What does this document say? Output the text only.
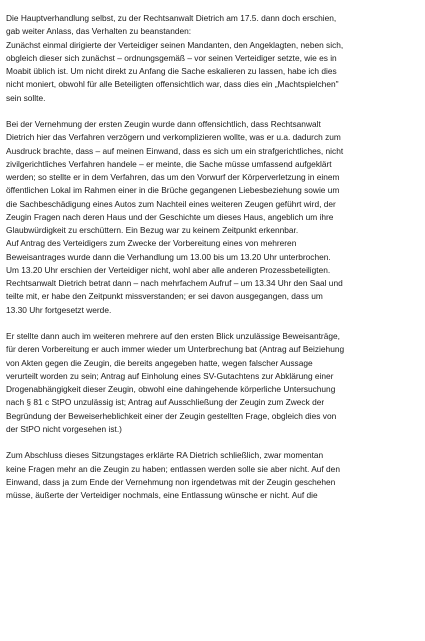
Die Hauptverhandlung selbst, zu der Rechtsanwalt Dietrich am 17.5. dann doch erschien,
gab weiter Anlass, das Verhalten zu beanstanden:
Zunächst einmal dirigierte der Verteidiger seinen Mandanten, den Angeklagten, neben sich,
obgleich dieser sich zunächst – ordnungsgemäß – vor seinen Verteidiger setzte, wie es in
Moabit üblich ist. Um nicht direkt zu Anfang die Sache eskalieren zu lassen, habe ich dies
nicht moniert, obwohl für alle Beteiligten offensichtlich war, dass dies ein „Machtspielchen"
sein sollte.
Bei der Vernehmung der ersten Zeugin wurde dann offensichtlich, dass Rechtsanwalt
Dietrich hier das Verfahren verzögern und verkomplizieren wollte, was er u.a. dadurch zum
Ausdruck brachte, dass – auf meinen Einwand, dass es sich um ein strafgerichtliches, nicht
zivilgerichtliches Verfahren handele – er meinte, die Sache müsse umfassend aufgeklärt
werden; so stellte er in dem Verfahren, das um den Vorwurf der Körperverletzung in einem
öffentlichen Lokal im Rahmen einer in die Brüche gegangenen Liebesbeziehung sowie um
die Sachbeschädigung eines Autos zum Nachteil eines weiteren Zeugen geführt wird, der
Zeugin Fragen nach deren Haus und der Geschichte um dieses Haus, angeblich um ihre
Glaubwürdigkeit zu erschüttern. Ein Bezug war zu keinem Zeitpunkt erkennbar.
Auf Antrag des Verteidigers zum Zwecke der Vorbereitung eines von mehreren
Beweisantrages wurde dann die Verhandlung um 13.00 bis um 13.20 Uhr unterbrochen.
Um 13.20 Uhr erschien der Verteidiger nicht, wohl aber alle anderen Prozessbeteiligten.
Rechtsanwalt Dietrich betrat dann – nach mehrfachem Aufruf – um 13.34 Uhr den Saal und
teilte mit, er habe den Zeitpunkt missverstanden; er sei davon ausgegangen, dass um
13.30 Uhr fortgesetzt werde.
Er stellte dann auch im weiteren mehrere auf den ersten Blick unzulässige Beweisanträge,
für deren Vorbereitung er auch immer wieder um Unterbrechung bat (Antrag auf Beiziehung
von Akten gegen die Zeugin, die bereits angegeben hatte, wegen falscher Aussage
verurteilt worden zu sein; Antrag auf Einholung eines SV-Gutachtens zur Abklärung einer
Drogenabhängigkeit dieser Zeugin, obwohl eine dahingehende körperliche Untersuchung
nach § 81 c StPO unzulässig ist; Antrag auf Ausschließung der Zeugin zum Zweck der
Begründung der Beweiserheblichkeit einer der Zeugin gestellten Frage, obgleich dies von
der StPO nicht vorgesehen ist.)
Zum Abschluss dieses Sitzungstages erklärte RA Dietrich schließlich, zwar momentan
keine Fragen mehr an die Zeugin zu haben; entlassen werden solle sie aber nicht. Auf den
Einwand, dass ja zum Ende der Vernehmung non irgendetwas mit der Zeugin geschehen
müsse, äußerte der Verteidiger nochmals, eine Entlassung wünsche er nicht. Auf die
